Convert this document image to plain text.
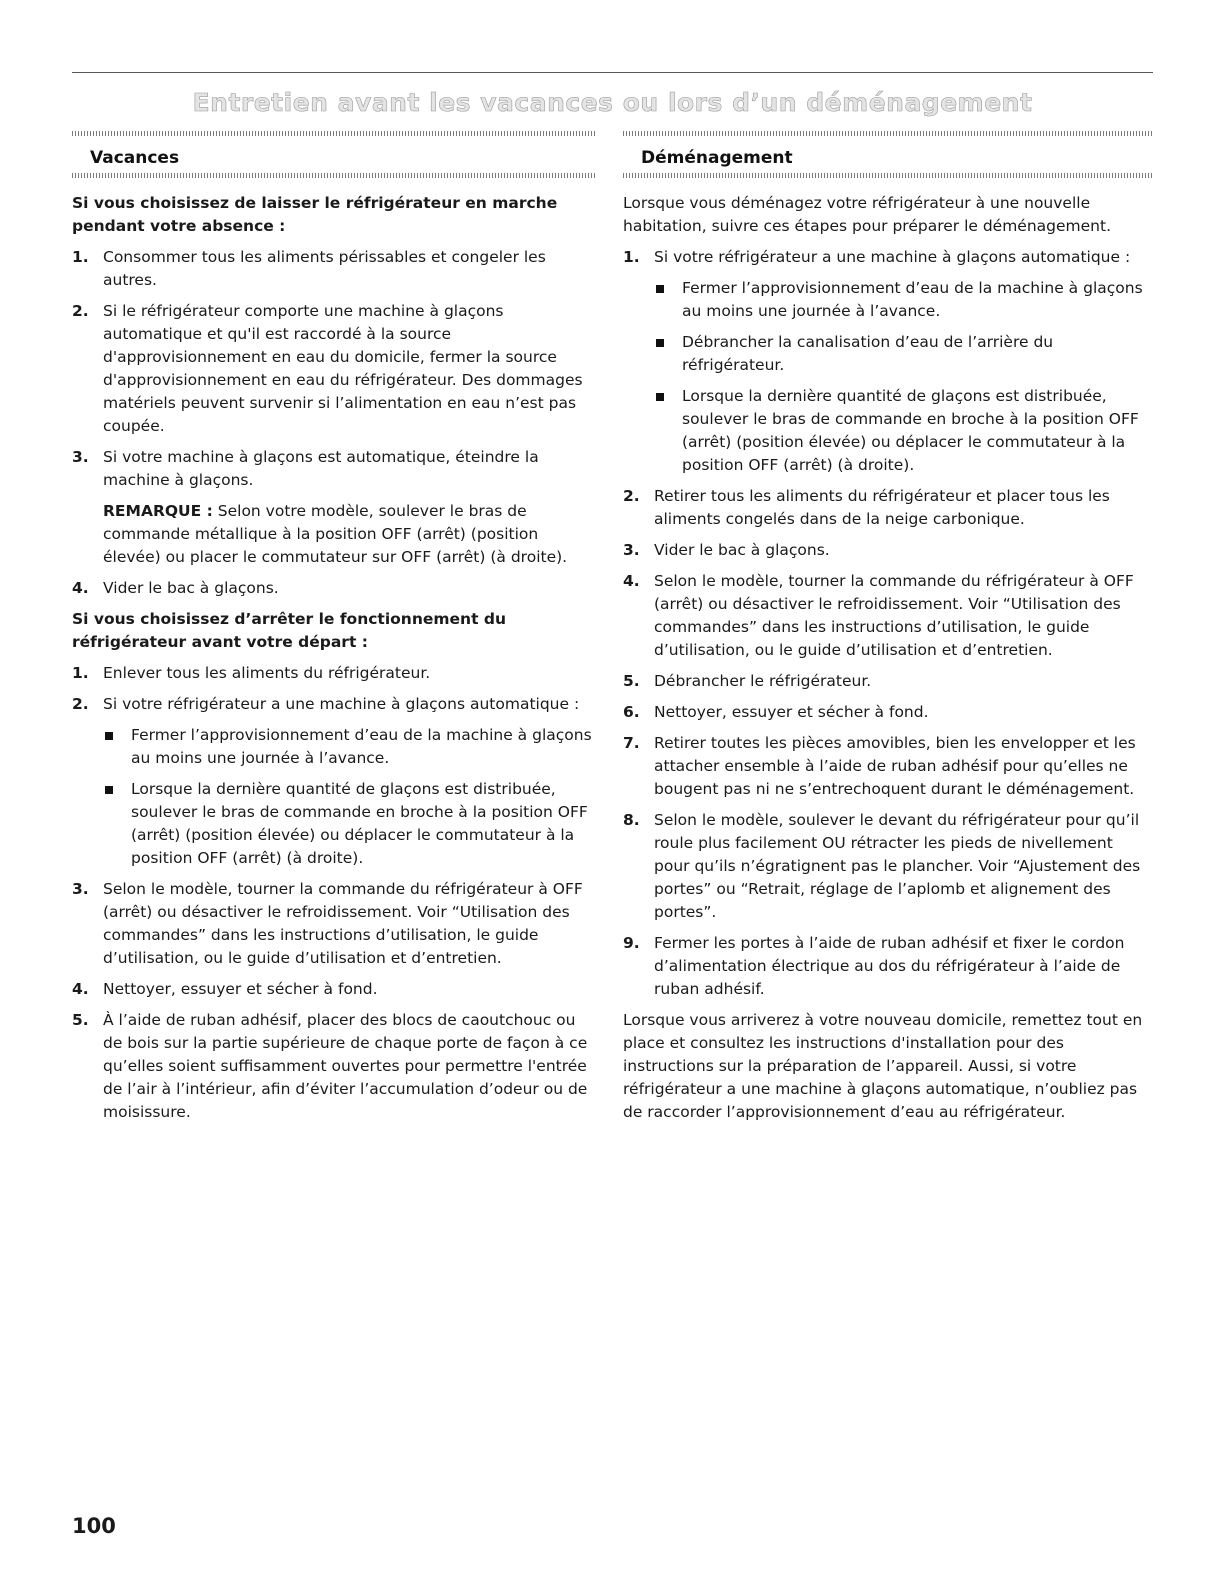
Entretien avant les vacances ou lors d’un déménagement
Vacances
Si vous choisissez de laisser le réfrigérateur en marche pendant votre absence :
1. Consommer tous les aliments périssables et congeler les autres.
2. Si le réfrigérateur comporte une machine à glaçons automatique et qu'il est raccordé à la source d'approvisionnement en eau du domicile, fermer la source d'approvisionnement en eau du réfrigérateur. Des dommages matériels peuvent survenir si l’alimentation en eau n’est pas coupée.
3. Si votre machine à glaçons est automatique, éteindre la machine à glaçons.
REMARQUE : Selon votre modèle, soulever le bras de commande métallique à la position OFF (arrêt) (position élevée) ou placer le commutateur sur OFF (arrêt) (à droite).
4. Vider le bac à glaçons.
Si vous choisissez d’arrêter le fonctionnement du réfrigérateur avant votre départ :
1. Enlever tous les aliments du réfrigérateur.
2. Si votre réfrigérateur a une machine à glaçons automatique :
Fermer l’approvisionnement d’eau de la machine à glaçons au moins une journée à l’avance.
Lorsque la dernière quantité de glaçons est distribuée, soulever le bras de commande en broche à la position OFF (arrêt) (position élevée) ou déplacer le commutateur à la position OFF (arrêt) (à droite).
3. Selon le modèle, tourner la commande du réfrigérateur à OFF (arrêt) ou désactiver le refroidissement. Voir “Utilisation des commandes” dans les instructions d’utilisation, le guide d’utilisation, ou le guide d’utilisation et d’entretien.
4. Nettoyer, essuyer et sécher à fond.
5. À l’aide de ruban adhésif, placer des blocs de caoutchouc ou de bois sur la partie supérieure de chaque porte de façon à ce qu’elles soient suffisamment ouvertes pour permettre l'entrée de l’air à l’intérieur, afin d’éviter l’accumulation d’odeur ou de moisissure.
Déménagement

Lorsque vous déménagez votre réfrigérateur à une nouvelle habitation, suivre ces étapes pour préparer le déménagement.

1. Si votre réfrigérateur a une machine à glaçons automatique :
Fermer l’approvisionnement d’eau de la machine à glaçons au moins une journée à l’avance.
Débrancher la canalisation d’eau de l’arrière du réfrigérateur.
Lorsque la dernière quantité de glaçons est distribuée, soulever le bras de commande en broche à la position OFF (arrêt) (position élevée) ou déplacer le commutateur à la position OFF (arrêt) (à droite).
2. Retirer tous les aliments du réfrigérateur et placer tous les aliments congelés dans de la neige carbonique.
3. Vider le bac à glaçons.
4. Selon le modèle, tourner la commande du réfrigérateur à OFF (arrêt) ou désactiver le refroidissement. Voir “Utilisation des commandes” dans les instructions d’utilisation, le guide d’utilisation, ou le guide d’utilisation et d’entretien.
5. Débrancher le réfrigérateur.
6. Nettoyer, essuyer et sécher à fond.
7. Retirer toutes les pièces amovibles, bien les envelopper et les attacher ensemble à l’aide de ruban adhésif pour qu’elles ne bougent pas ni ne s’entrechoquent durant le déménagement.
8. Selon le modèle, soulever le devant du réfrigérateur pour qu’il roule plus facilement OU rétracter les pieds de nivellement pour qu’ils n’égratignent pas le plancher. Voir “Ajustement des portes” ou “Retrait, réglage de l’aplomb et alignement des portes”.
9. Fermer les portes à l’aide de ruban adhésif et fixer le cordon d’alimentation électrique au dos du réfrigérateur à l’aide de ruban adhésif.

Lorsque vous arriverez à votre nouveau domicile, remettez tout en place et consultez les instructions d'installation pour des instructions sur la préparation de l’appareil. Aussi, si votre réfrigérateur a une machine à glaçons automatique, n’oubliez pas de raccorder l’approvisionnement d’eau au réfrigérateur.

100
